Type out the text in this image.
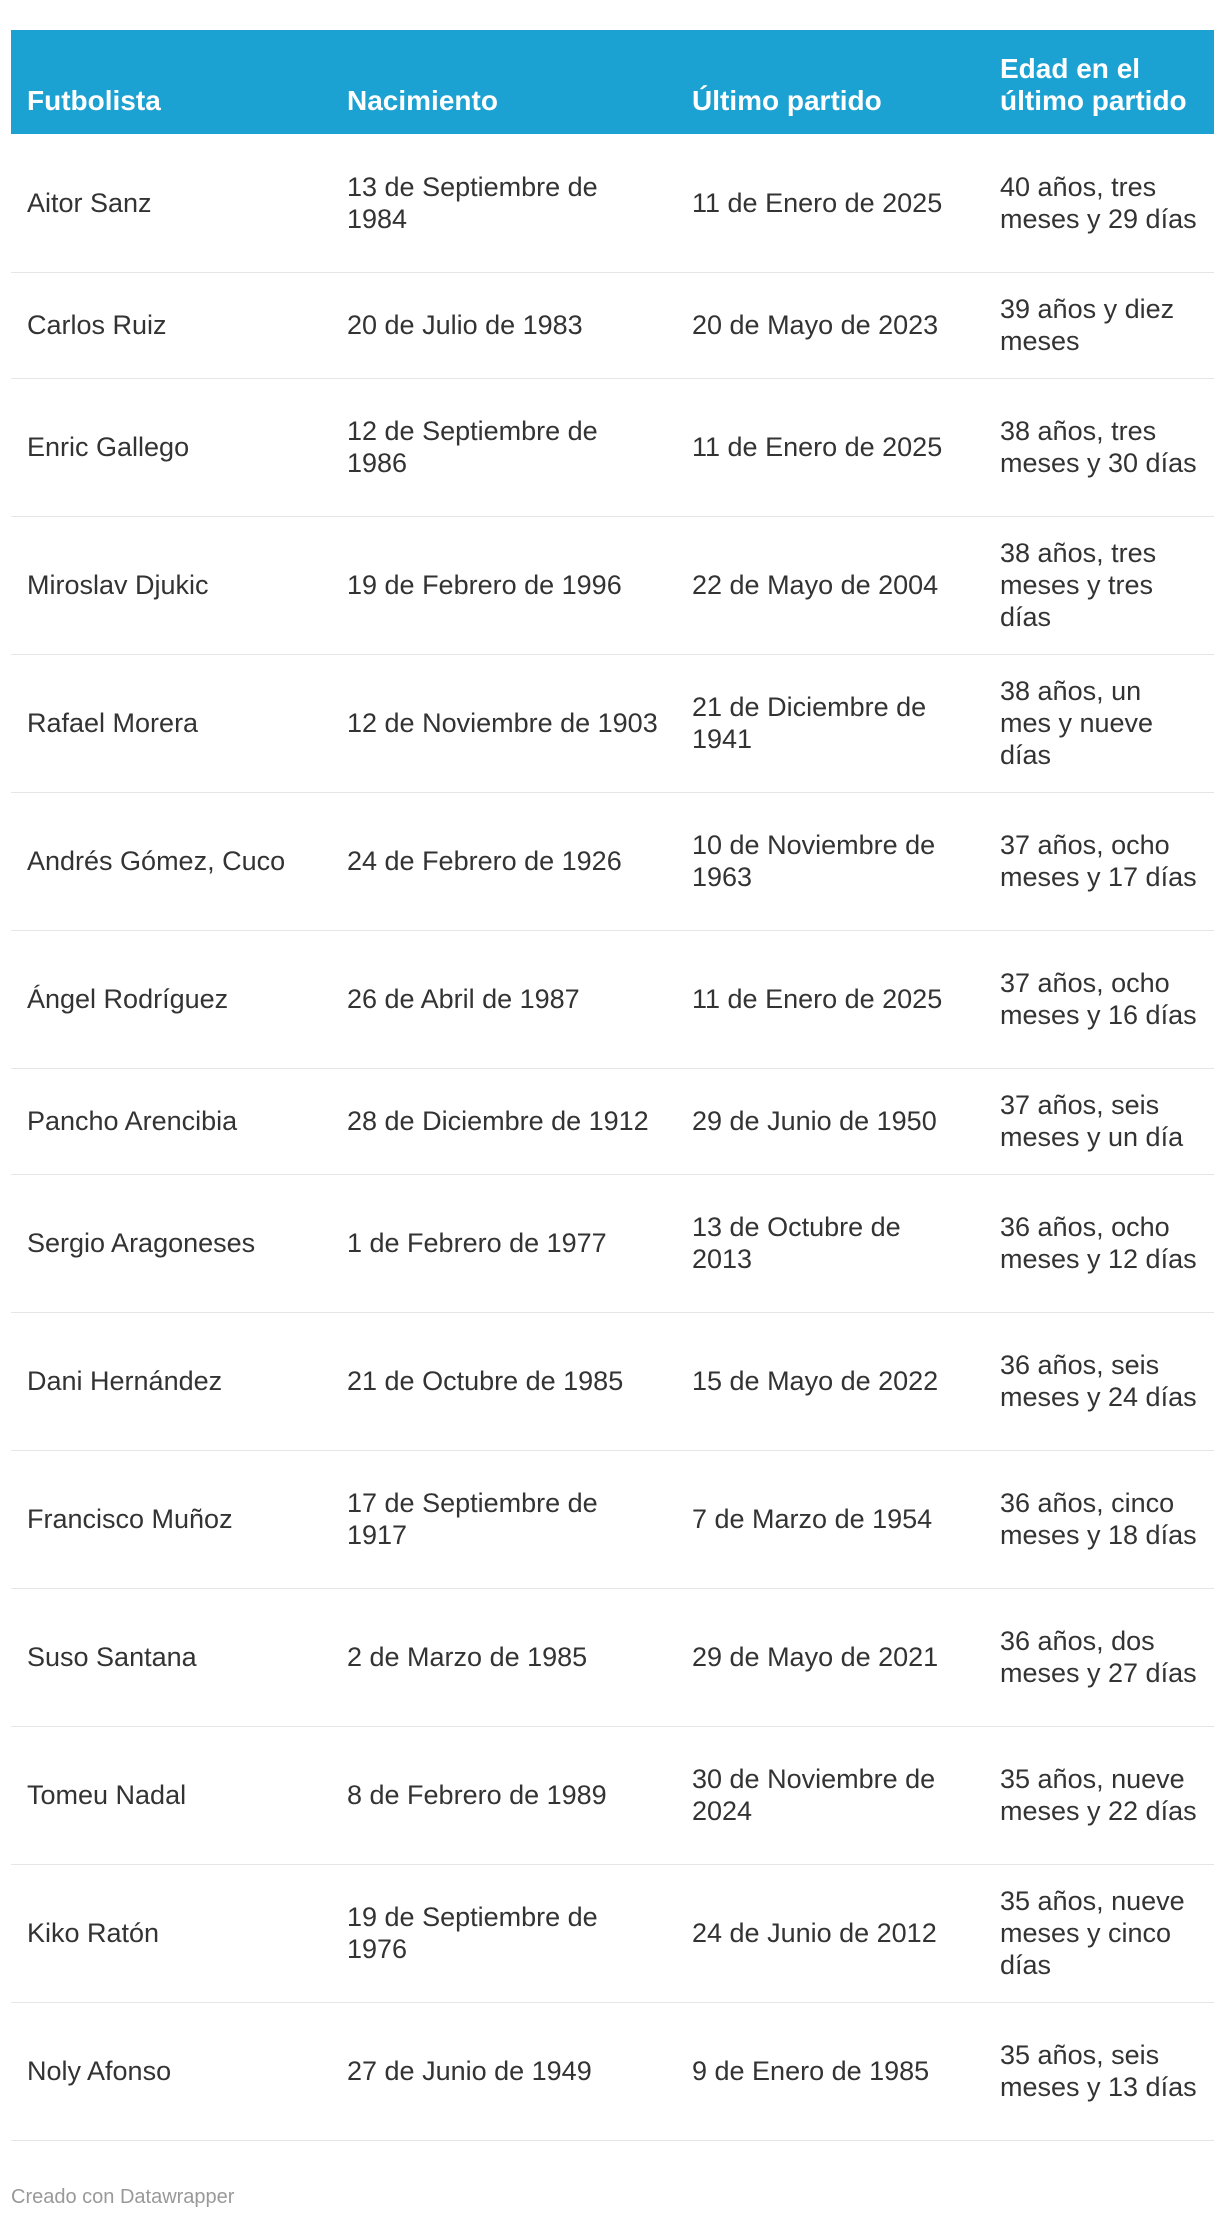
Futbolista	Nacimiento	Último partido	Edad en el último partido
Aitor Sanz	13 de Septiembre de 1984	11 de Enero de 2025	40 años, tres meses y 29 días
Carlos Ruiz	20 de Julio de 1983	20 de Mayo de 2023	39 años y diez meses
Enric Gallego	12 de Septiembre de 1986	11 de Enero de 2025	38 años, tres meses y 30 días
Miroslav Djukic	19 de Febrero de 1996	22 de Mayo de 2004	38 años, tres meses y tres días
Rafael Morera	12 de Noviembre de 1903	21 de Diciembre de 1941	38 años, un mes y nueve días
Andrés Gómez, Cuco	24 de Febrero de 1926	10 de Noviembre de 1963	37 años, ocho meses y 17 días
Ángel Rodríguez	26 de Abril de 1987	11 de Enero de 2025	37 años, ocho meses y 16 días
Pancho Arencibia	28 de Diciembre de 1912	29 de Junio de 1950	37 años, seis meses y un día
Sergio Aragoneses	1 de Febrero de 1977	13 de Octubre de 2013	36 años, ocho meses y 12 días
Dani Hernández	21 de Octubre de 1985	15 de Mayo de 2022	36 años, seis meses y 24 días
Francisco Muñoz	17 de Septiembre de 1917	7 de Marzo de 1954	36 años, cinco meses y 18 días
Suso Santana	2 de Marzo de 1985	29 de Mayo de 2021	36 años, dos meses y 27 días
Tomeu Nadal	8 de Febrero de 1989	30 de Noviembre de 2024	35 años, nueve meses y 22 días
Kiko Ratón	19 de Septiembre de 1976	24 de Junio de 2012	35 años, nueve meses y cinco días
Noly Afonso	27 de Junio de 1949	9 de Enero de 1985	35 años, seis meses y 13 días
Creado con Datawrapper
